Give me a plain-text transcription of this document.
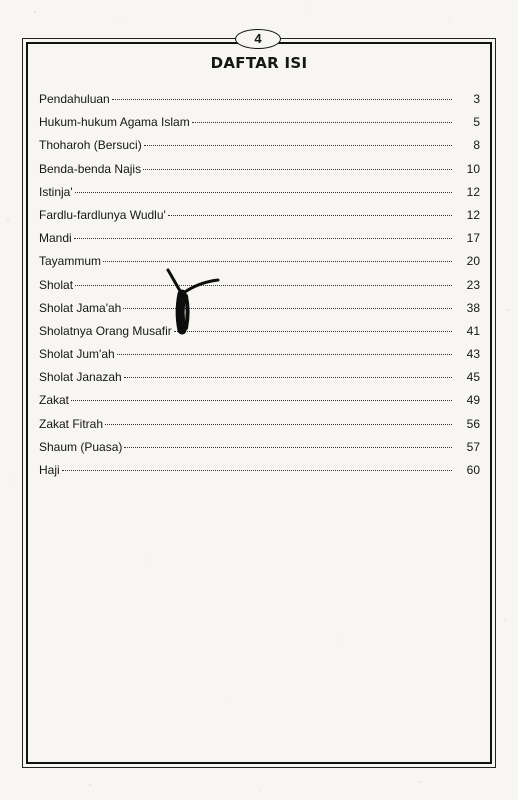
4
DAFTAR ISI
Pendahuluan	3
Hukum-hukum Agama Islam	5
Thoharoh (Bersuci)	8
Benda-benda Najis	10
Istinja'	12
Fardlu-fardlunya Wudlu'	12
Mandi	17
Tayammum	20
Sholat	23
Sholat Jama'ah	38
Sholatnya Orang Musafir	41
Sholat Jum'ah	43
Sholat Janazah	45
Zakat	49
Zakat Fitrah	56
Shaum (Puasa)	57
Haji	60
